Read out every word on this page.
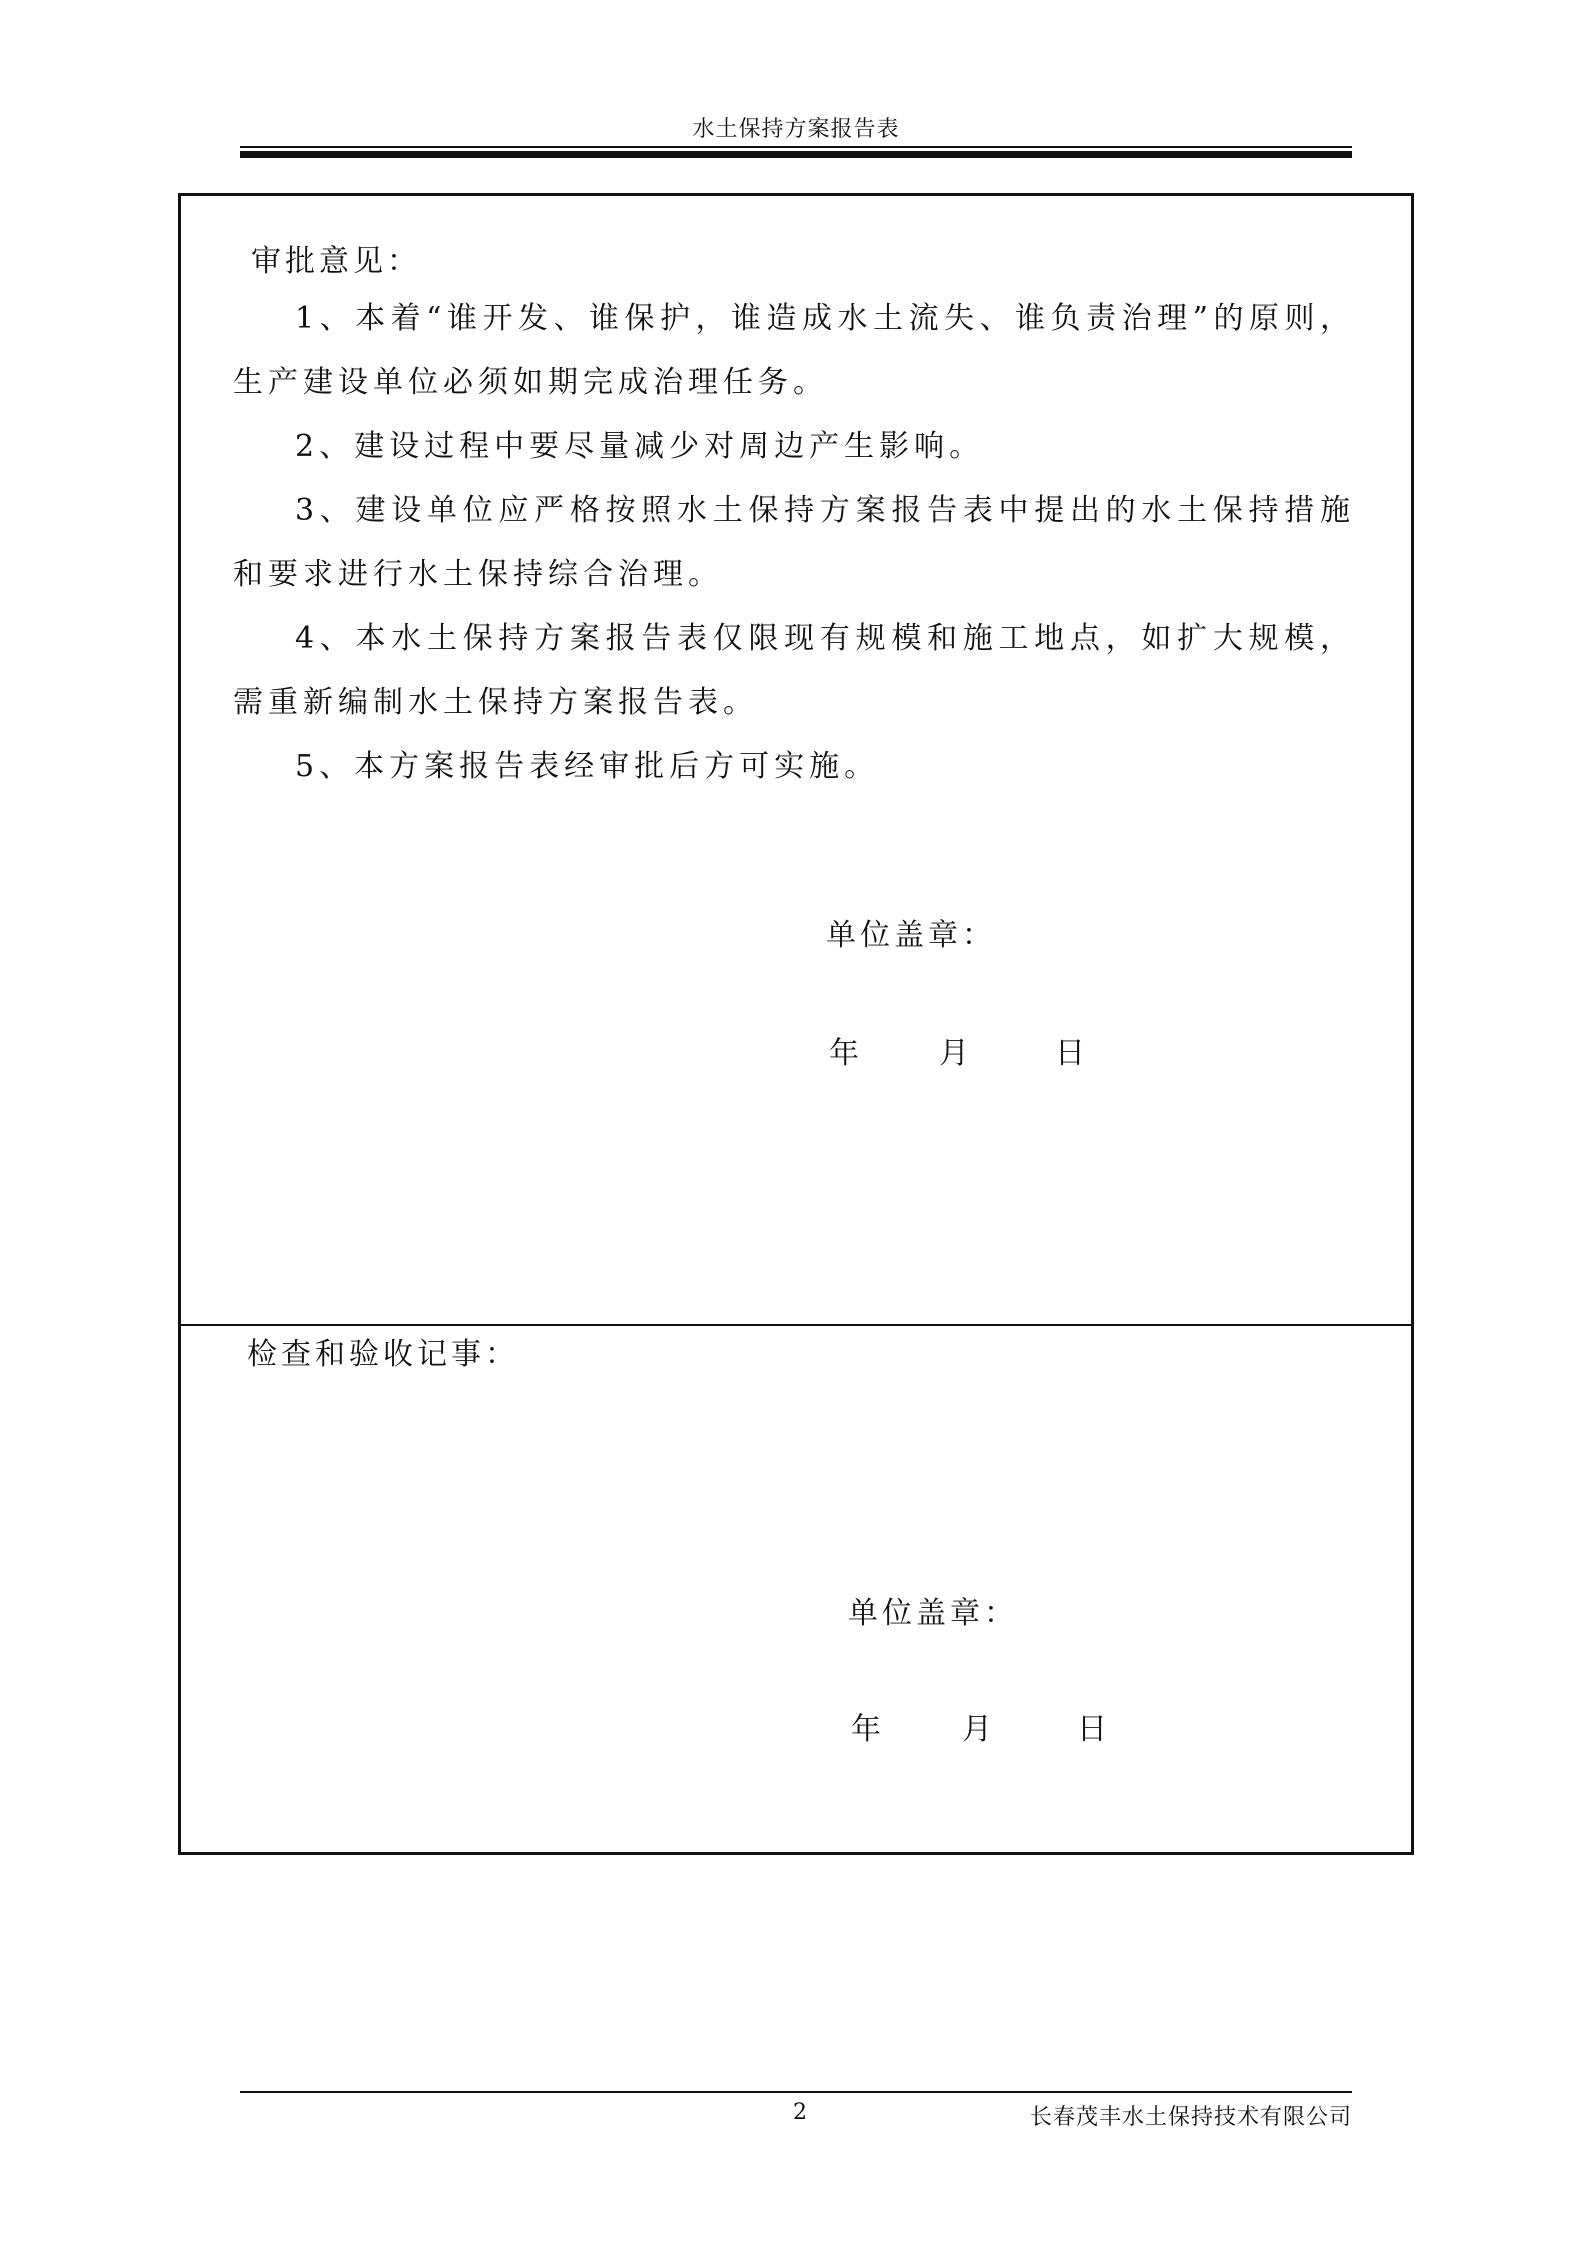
水土保持方案报告表
审批意见：
1、本着“谁开发、谁保护，谁造成水土流失、谁负责治理”的原则，生产建设单位必须如期完成治理任务。
2、建设过程中要尽量减少对周边产生影响。
3、建设单位应严格按照水土保持方案报告表中提出的水土保持措施和要求进行水土保持综合治理。
4、本水土保持方案报告表仅限现有规模和施工地点，如扩大规模，需重新编制水土保持方案报告表。
5、本方案报告表经审批后方可实施。
单位盖章：
年	月	日
检查和验收记事：
单位盖章：
年	月	日
2	长春茂丰水土保持技术有限公司
